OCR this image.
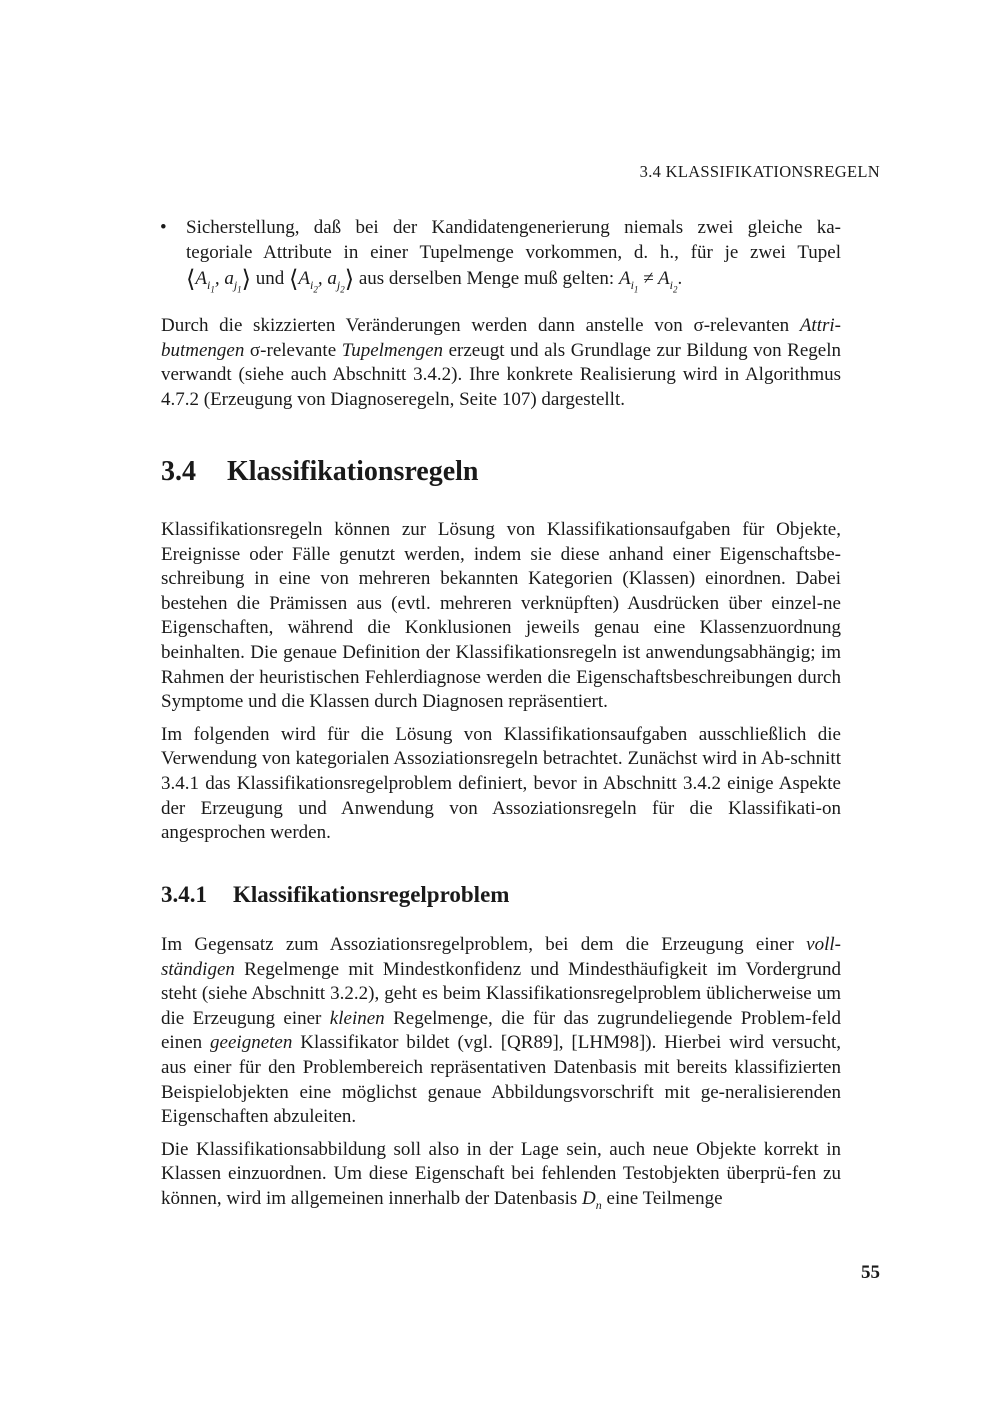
3.4 KLASSIFIKATIONSREGELN
• Sicherstellung, daß bei der Kandidatengenerierung niemals zwei gleiche ka-
tegoriale Attribute in einer Tupelmenge vorkommen, d. h., für je zwei Tupel
$⟨A_{i_1}$, $a_{j_1}⟩$ und $⟨A_{i_2}$, $a_{j_2}⟩$ aus derselben Menge muß gelten: $A_{i_1} \ne A_{i_2}$.

Durch die skizzierten Veränderungen werden dann anstelle von σ-relevanten Attri-butmengen σ-relevante Tupelmengen erzeugt und als Grundlage zur Bildung von Regeln verwandt (siehe auch Abschnitt 3.4.2). Ihre konkrete Realisierung wird in Algorithmus 4.7.2 (Erzeugung von Diagnoseregeln, Seite 107) dargestellt.

3.4 Klassifikationsregeln

Klassifikationsregeln können zur Lösung von Klassifikationsaufgaben für Objekte, Ereignisse oder Fälle genutzt werden, indem sie diese anhand einer Eigenschaftsbe-schreibung in eine von mehreren bekannten Kategorien (Klassen) einordnen. Dabei bestehen die Prämissen aus (evtl. mehreren verknüpften) Ausdrücken über einzel-ne Eigenschaften, während die Konklusionen jeweils genau eine Klassenzuordnung beinhalten. Die genaue Definition der Klassifikationsregeln ist anwendungsabhängig; im Rahmen der heuristischen Fehlerdiagnose werden die Eigenschaftsbeschreibungen durch Symptome und die Klassen durch Diagnosen repräsentiert.

Im folgenden wird für die Lösung von Klassifikationsaufgaben ausschließlich die Verwendung von kategorialen Assoziationsregeln betrachtet. Zunächst wird in Ab-schnitt 3.4.1 das Klassifikationsregelproblem definiert, bevor in Abschnitt 3.4.2 einige Aspekte der Erzeugung und Anwendung von Assoziationsregeln für die Klassifikati-on angesprochen werden.

3.4.1 Klassifikationsregelproblem

Im Gegensatz zum Assoziationsregelproblem, bei dem die Erzeugung einer voll-ständigen Regelmenge mit Mindestkonfidenz und Mindesthäufigkeit im Vordergrund steht (siehe Abschnitt 3.2.2), geht es beim Klassifikationsregelproblem üblicherweise um die Erzeugung einer kleinen Regelmenge, die für das zugrundeliegende Problem-feld einen geeigneten Klassifikator bildet (vgl. [QR89], [LHM98]). Hierbei wird versucht, aus einer für den Problembereich repräsentativen Datenbasis mit bereits klassifizierten Beispielobjekten eine möglichst genaue Abbildungsvorschrift mit ge-neralisierenden Eigenschaften abzuleiten.

Die Klassifikationsabbildung soll also in der Lage sein, auch neue Objekte korrekt in Klassen einzuordnen. Um diese Eigenschaft bei fehlenden Testobjekten überprü-fen zu können, wird im allgemeinen innerhalb der Datenbasis $D_n$ eine Teilmenge

55
